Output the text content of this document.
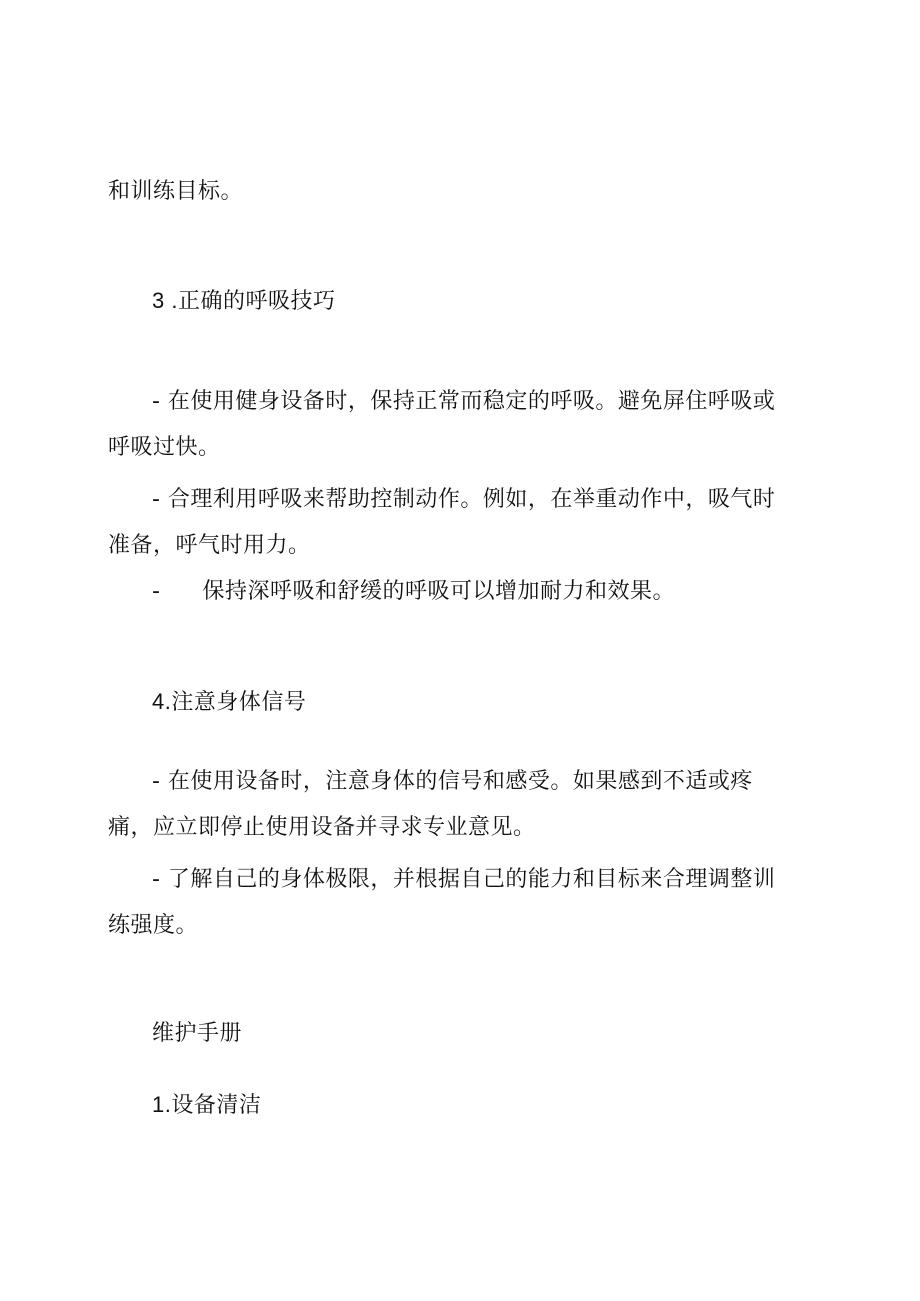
和训练目标。
3 .正确的呼吸技巧
- 在使用健身设备时，保持正常而稳定的呼吸。避免屏住呼吸或
呼吸过快。
- 合理利用呼吸来帮助控制动作。例如，在举重动作中，吸气时
准备，呼气时用力。
- 保持深呼吸和舒缓的呼吸可以增加耐力和效果。
4.注意身体信号
- 在使用设备时，注意身体的信号和感受。如果感到不适或疼
痛，应立即停止使用设备并寻求专业意见。
- 了解自己的身体极限，并根据自己的能力和目标来合理调整训
练强度。
维护手册
1.设备清洁
